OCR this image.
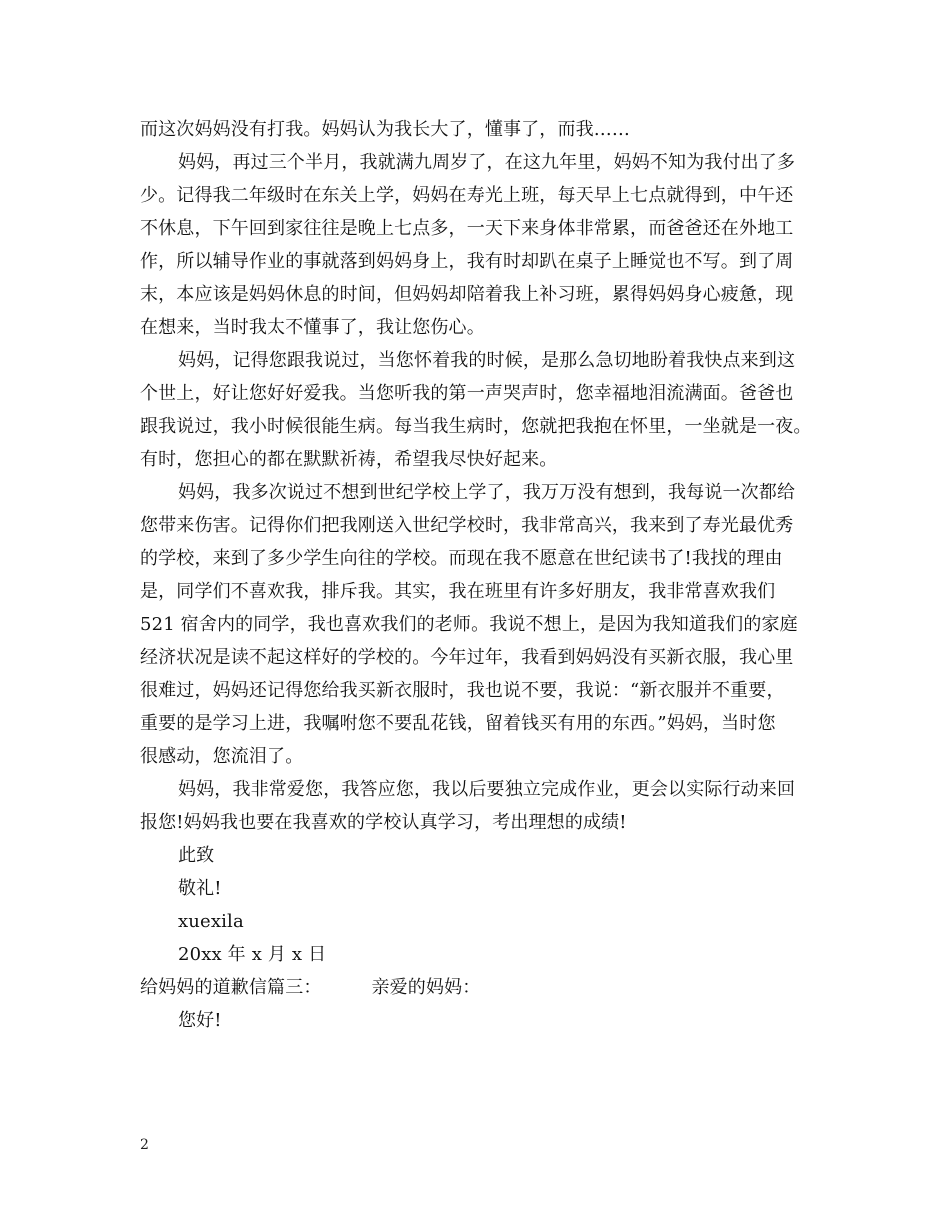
而这次妈妈没有打我。妈妈认为我长大了，懂事了，而我……
妈妈，再过三个半月，我就满九周岁了，在这九年里，妈妈不知为我付出了多
少。记得我二年级时在东关上学，妈妈在寿光上班，每天早上七点就得到，中午还
不休息，下午回到家往往是晚上七点多，一天下来身体非常累，而爸爸还在外地工
作，所以辅导作业的事就落到妈妈身上，我有时却趴在桌子上睡觉也不写。到了周
末，本应该是妈妈休息的时间，但妈妈却陪着我上补习班，累得妈妈身心疲惫，现
在想来，当时我太不懂事了，我让您伤心。
妈妈，记得您跟我说过，当您怀着我的时候，是那么急切地盼着我快点来到这
个世上，好让您好好爱我。当您听我的第一声哭声时，您幸福地泪流满面。爸爸也
跟我说过，我小时候很能生病。每当我生病时，您就把我抱在怀里，一坐就是一夜。
有时，您担心的都在默默祈祷，希望我尽快好起来。
妈妈，我多次说过不想到世纪学校上学了，我万万没有想到，我每说一次都给
您带来伤害。记得你们把我刚送入世纪学校时，我非常高兴，我来到了寿光最优秀
的学校，来到了多少学生向往的学校。而现在我不愿意在世纪读书了!我找的理由
是，同学们不喜欢我，排斥我。其实，我在班里有许多好朋友，我非常喜欢我们
521 宿舍内的同学，我也喜欢我们的老师。我说不想上，是因为我知道我们的家庭
经济状况是读不起这样好的学校的。今年过年，我看到妈妈没有买新衣服，我心里
很难过，妈妈还记得您给我买新衣服时，我也说不要，我说：“新衣服并不重要，
重要的是学习上进，我嘱咐您不要乱花钱，留着钱买有用的东西。”妈妈，当时您
很感动，您流泪了。
妈妈，我非常爱您，我答应您，我以后要独立完成作业，更会以实际行动来回
报您!妈妈我也要在我喜欢的学校认真学习，考出理想的成绩!
此致
敬礼!
xuexila
20xx 年 x 月 x 日
给妈妈的道歉信篇三：	亲爱的妈妈：
您好!
2
